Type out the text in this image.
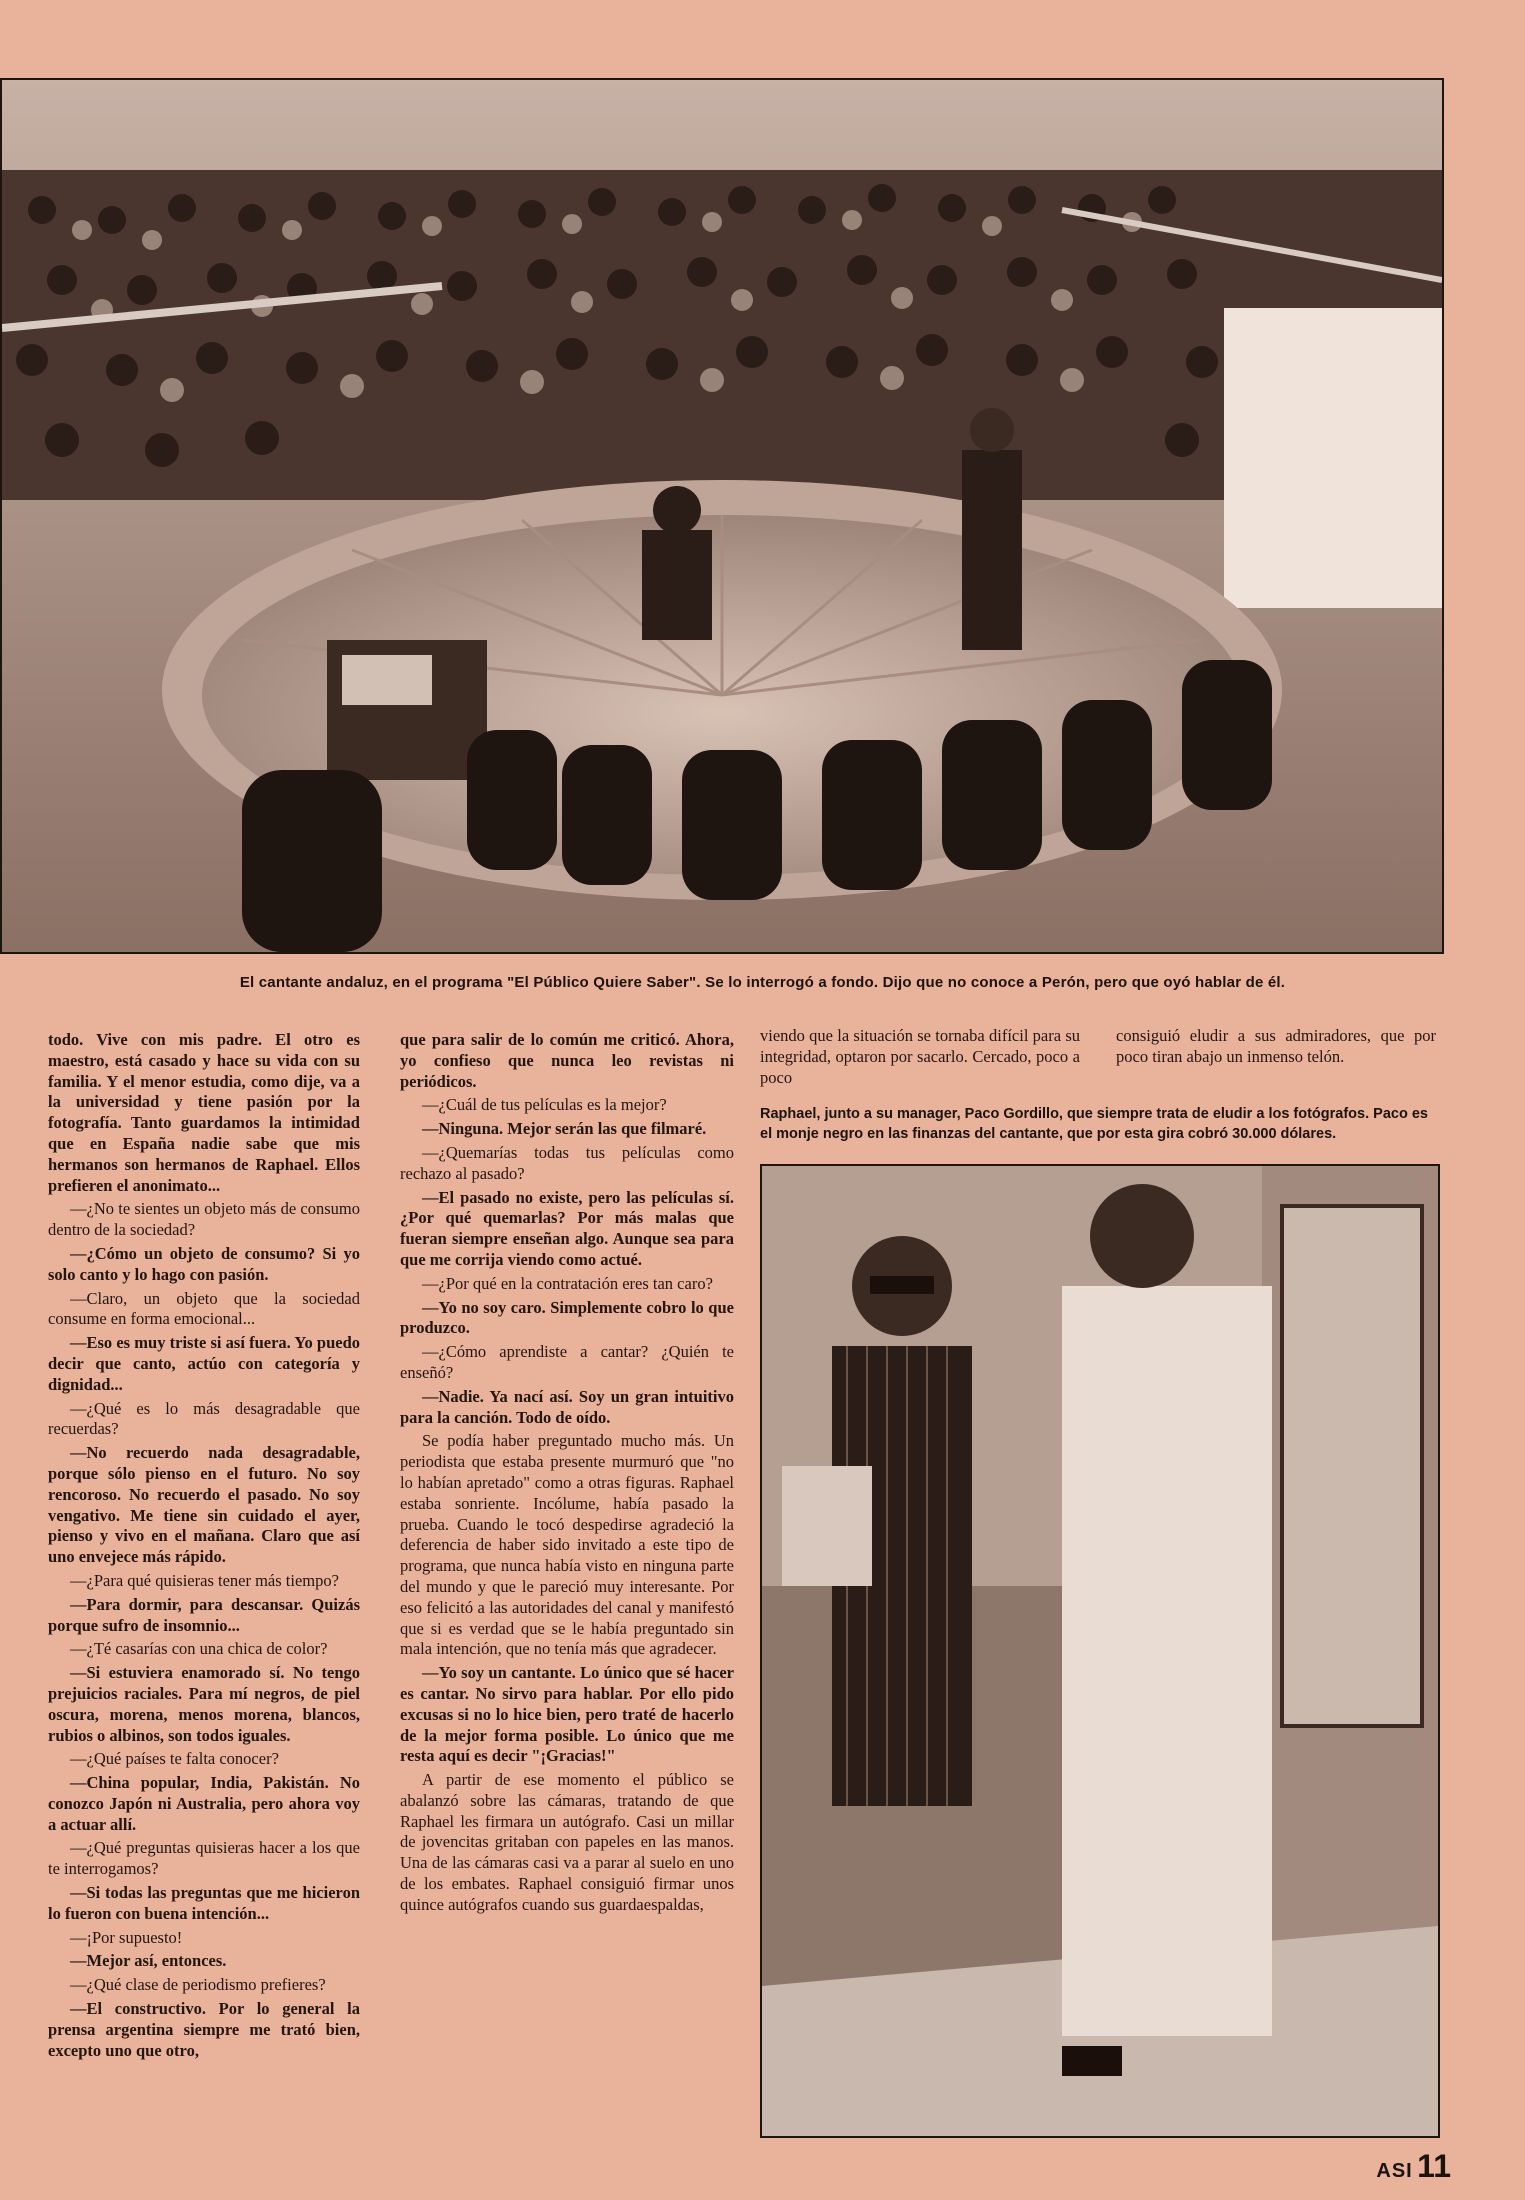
El cantante andaluz, en el programa "El Público Quiere Saber". Se lo interrogó a fondo. Dijo que no conoce a Perón, pero que oyó hablar de él.

todo. Vive con mis padre. El otro es maestro, está casado y hace su vida con su familia. Y el menor estudia, como dije, va a la universidad y tiene pasión por la fotografía. Tanto guardamos la intimidad que en España nadie sabe que mis hermanos son hermanos de Raphael. Ellos prefieren el anonimato...

—¿No te sientes un objeto más de consumo dentro de la sociedad?

—¿Cómo un objeto de consumo? Si yo solo canto y lo hago con pasión.

—Claro, un objeto que la sociedad consume en forma emocional...

—Eso es muy triste si así fuera. Yo puedo decir que canto, actúo con categoría y dignidad...

—¿Qué es lo más desagradable que recuerdas?

—No recuerdo nada desagradable, porque sólo pienso en el futuro. No soy rencoroso. No recuerdo el pasado. No soy vengativo. Me tiene sin cuidado el ayer, pienso y vivo en el mañana. Claro que así uno envejece más rápido.

—¿Para qué quisieras tener más tiempo?

—Para dormir, para descansar. Quizás porque sufro de insomnio...

—¿Té casarías con una chica de color?

—Si estuviera enamorado sí. No tengo prejuicios raciales. Para mí negros, de piel oscura, morena, menos morena, blancos, rubios o albinos, son todos iguales.

—¿Qué países te falta conocer?

—China popular, India, Pakistán. No conozco Japón ni Australia, pero ahora voy a actuar allí.

—¿Qué preguntas quisieras hacer a los que te interrogamos?

—Si todas las preguntas que me hicieron lo fueron con buena intención...

—¡Por supuesto!

—Mejor así, entonces.

—¿Qué clase de periodismo prefieres?

—El constructivo. Por lo general la prensa argentina siempre me trató bien, excepto uno que otro,

que para salir de lo común me criticó. Ahora, yo confieso que nunca leo revistas ni periódicos.

—¿Cuál de tus películas es la mejor?

—Ninguna. Mejor serán las que filmaré.

—¿Quemarías todas tus películas como rechazo al pasado?

—El pasado no existe, pero las películas sí. ¿Por qué quemarlas? Por más malas que fueran siempre enseñan algo. Aunque sea para que me corrija viendo como actué.

—¿Por qué en la contratación eres tan caro?

—Yo no soy caro. Simplemente cobro lo que produzco.

—¿Cómo aprendiste a cantar? ¿Quién te enseñó?

—Nadie. Ya nací así. Soy un gran intuitivo para la canción. Todo de oído.

Se podía haber preguntado mucho más. Un periodista que estaba presente murmuró que "no lo habían apretado" como a otras figuras. Raphael estaba sonriente. Incólume, había pasado la prueba. Cuando le tocó despedirse agradeció la deferencia de haber sido invitado a este tipo de programa, que nunca había visto en ninguna parte del mundo y que le pareció muy interesante. Por eso felicitó a las autoridades del canal y manifestó que si es verdad que se le había preguntado sin mala intención, que no tenía más que agradecer.

—Yo soy un cantante. Lo único que sé hacer es cantar. No sirvo para hablar. Por ello pido excusas si no lo hice bien, pero traté de hacerlo de la mejor forma posible. Lo único que me resta aquí es decir "¡Gracias!"

A partir de ese momento el público se abalanzó sobre las cámaras, tratando de que Raphael les firmara un autógrafo. Casi un millar de jovencitas gritaban con papeles en las manos. Una de las cámaras casi va a parar al suelo en uno de los embates. Raphael consiguió firmar unos quince autógrafos cuando sus guardaespaldas,

viendo que la situación se tornaba difícil para su integridad, optaron por sacarlo. Cercado, poco a poco

consiguió eludir a sus admiradores, que por poco tiran abajo un inmenso telón.

Raphael, junto a su manager, Paco Gordillo, que siempre trata de eludir a los fotógrafos. Paco es el monje negro en las finanzas del cantante, que por esta gira cobró 30.000 dólares.
ASI 11
